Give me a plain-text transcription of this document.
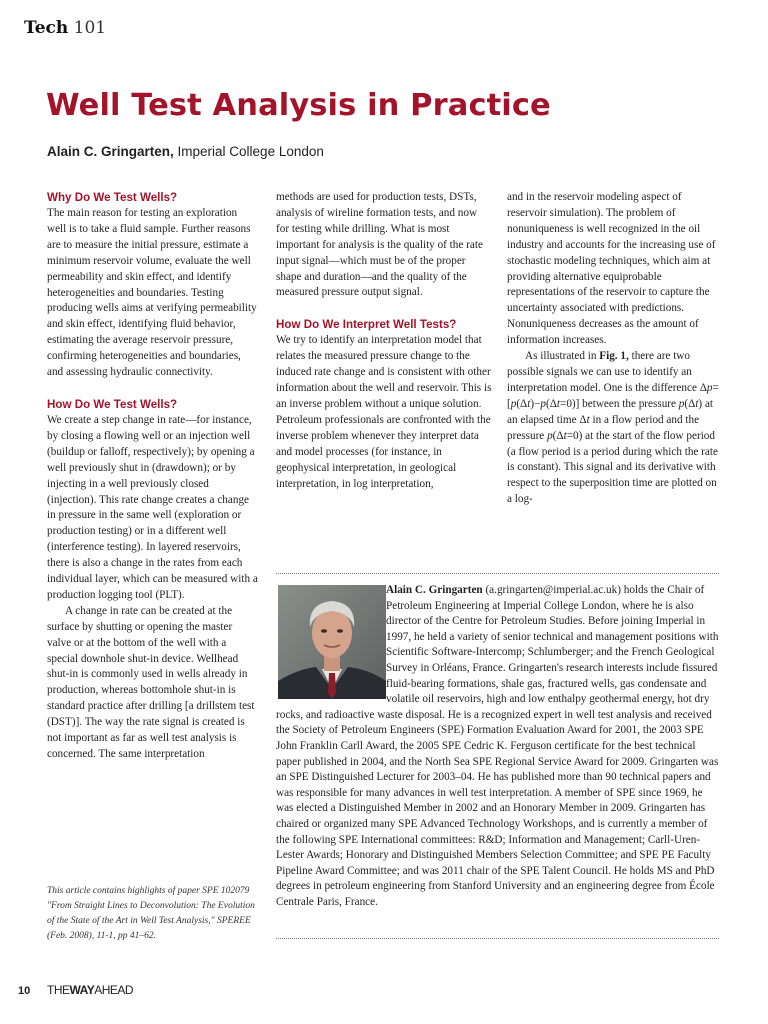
Tech 101
Well Test Analysis in Practice
Alain C. Gringarten, Imperial College London
Why Do We Test Wells?

The main reason for testing an exploration well is to take a fluid sample. Further reasons are to measure the initial pressure, estimate a minimum reservoir volume, evaluate the well permeability and skin effect, and identify heterogeneities and boundaries. Testing producing wells aims at verifying permeability and skin effect, identifying fluid behavior, estimating the average reservoir pressure, confirming heterogeneities and boundaries, and assessing hydraulic connectivity.

How Do We Test Wells?

We create a step change in rate—for instance, by closing a flowing well or an injection well (buildup or falloff, respectively); by opening a well previously shut in (drawdown); or by injecting in a well previously closed (injection). This rate change creates a change in pressure in the same well (exploration or production testing) or in a different well (interference testing). In layered reservoirs, there is also a change in the rates from each individual layer, which can be measured with a production logging tool (PLT).

A change in rate can be created at the surface by shutting or opening the master valve or at the bottom of the well with a special downhole shut-in device. Wellhead shut-in is commonly used in wells already in production, whereas bottomhole shut-in is standard practice after drilling [a drillstem test (DST)]. The way the rate signal is created is not important as far as well test analysis is concerned. The same interpretation

methods are used for production tests, DSTs, analysis of wireline formation tests, and now for testing while drilling. What is most important for analysis is the quality of the rate input signal—which must be of the proper shape and duration—and the quality of the measured pressure output signal.

How Do We Interpret Well Tests?

We try to identify an interpretation model that relates the measured pressure change to the induced rate change and is consistent with other information about the well and reservoir. This is an inverse problem without a unique solution. Petroleum professionals are confronted with the inverse problem whenever they interpret data and model processes (for instance, in geophysical interpretation, in geological interpretation, in log interpretation,

and in the reservoir modeling aspect of reservoir simulation). The problem of nonuniqueness is well recognized in the oil industry and accounts for the increasing use of stochastic modeling techniques, which aim at providing alternative equiprobable representations of the reservoir to capture the uncertainty associated with predictions. Nonuniqueness decreases as the amount of information increases.

As illustrated in Fig. 1, there are two possible signals we can use to identify an interpretation model. One is the difference Δp=[p(Δt)−p(Δt=0)] between the pressure p(Δt) at an elapsed time Δt in a flow period and the pressure p(Δt=0) at the start of the flow period (a flow period is a period during which the rate is constant). This signal and its derivative with respect to the superposition time are plotted on a log-

Alain C. Gringarten (a.gringarten@imperial.ac.uk) holds the Chair of Petroleum Engineering at Imperial College London, where he is also director of the Centre for Petroleum Studies. Before joining Imperial in 1997, he held a variety of senior technical and management positions with Scientific Software-Intercomp; Schlumberger; and the French Geological Survey in Orléans, France. Gringarten's research interests include fissured fluid-bearing formations, shale gas, fractured wells, gas condensate and volatile oil reservoirs, high and low enthalpy geothermal energy, hot dry rocks, and radioactive waste disposal. He is a recognized expert in well test analysis and received the Society of Petroleum Engineers (SPE) Formation Evaluation Award for 2001, the 2003 SPE John Franklin Carll Award, the 2005 SPE Cedric K. Ferguson certificate for the best technical paper published in 2004, and the North Sea SPE Regional Service Award for 2009. Gringarten was an SPE Distinguished Lecturer for 2003–04. He has published more than 90 technical papers and was responsible for many advances in well test interpretation. A member of SPE since 1969, he was elected a Distinguished Member in 2002 and an Honorary Member in 2009. Gringarten has chaired or organized many SPE Advanced Technology Workshops, and is currently a member of the following SPE International committees: R&D; Information and Management; Carll-Uren-Lester Awards; Honorary and Distinguished Members Selection Committee; and SPE PE Faculty Pipeline Award Committee; and was 2011 chair of the SPE Talent Council. He holds MS and PhD degrees in petroleum engineering from Stanford University and an engineering degree from École Centrale Paris, France.
This article contains highlights of paper SPE 102079 "From Straight Lines to Deconvolution: The Evolution of the State of the Art in Well Test Analysis," SPEREE (Feb. 2008), 11-1, pp 41–62.
10 THEWAYAHEAD
